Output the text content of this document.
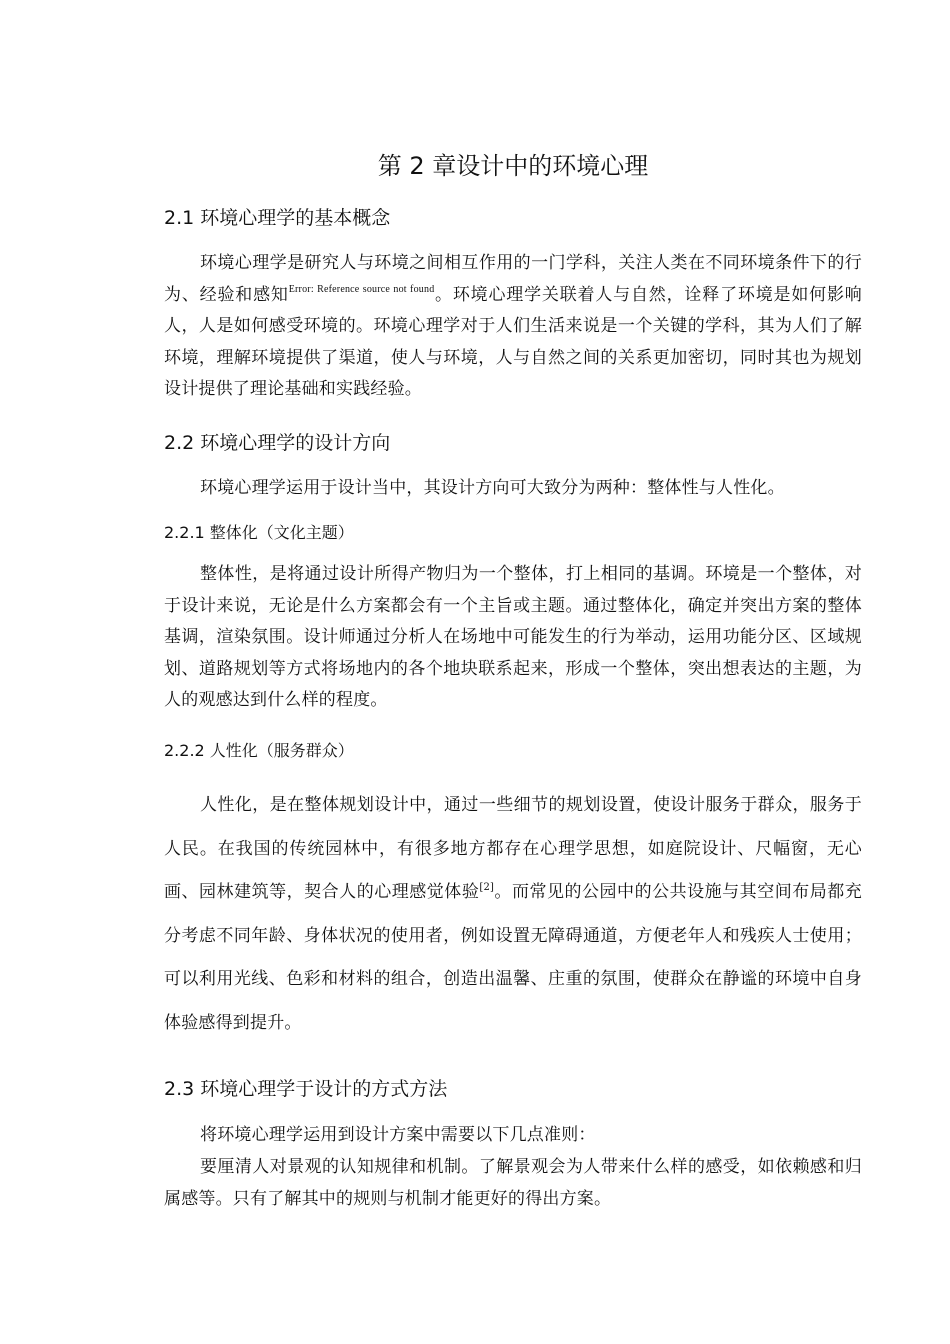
第 2 章设计中的环境心理
2.1 环境心理学的基本概念
环境心理学是研究人与环境之间相互作用的一门学科，关注人类在不同环境条件下的行为、经验和感知$^{Error: Reference source not found}$。环境心理学关联着人与自然，诠释了环境是如何影响人，人是如何感受环境的。环境心理学对于人们生活来说是一个关键的学科，其为人们了解环境，理解环境提供了渠道，使人与环境，人与自然之间的关系更加密切，同时其也为规划设计提供了理论基础和实践经验。
2.2 环境心理学的设计方向
环境心理学运用于设计当中，其设计方向可大致分为两种：整体性与人性化。
2.2.1 整体化（文化主题）
整体性，是将通过设计所得产物归为一个整体，打上相同的基调。环境是一个整体，对于设计来说，无论是什么方案都会有一个主旨或主题。通过整体化，确定并突出方案的整体基调，渲染氛围。设计师通过分析人在场地中可能发生的行为举动，运用功能分区、区域规划、道路规划等方式将场地内的各个地块联系起来，形成一个整体，突出想表达的主题，为人的观感达到什么样的程度。
2.2.2 人性化（服务群众）
人性化，是在整体规划设计中，通过一些细节的规划设置，使设计服务于群众，服务于人民。在我国的传统园林中，有很多地方都存在心理学思想，如庭院设计、尺幅窗，无心画、园林建筑等，契合人的心理感觉体验[2]。而常见的公园中的公共设施与其空间布局都充分考虑不同年龄、身体状况的使用者，例如设置无障碍通道，方便老年人和残疾人士使用；可以利用光线、色彩和材料的组合，创造出温馨、庄重的氛围，使群众在静谧的环境中自身体验感得到提升。
2.3 环境心理学于设计的方式方法
将环境心理学运用到设计方案中需要以下几点准则：
要厘清人对景观的认知规律和机制。了解景观会为人带来什么样的感受，如依赖感和归属感等。只有了解其中的规则与机制才能更好的得出方案。
